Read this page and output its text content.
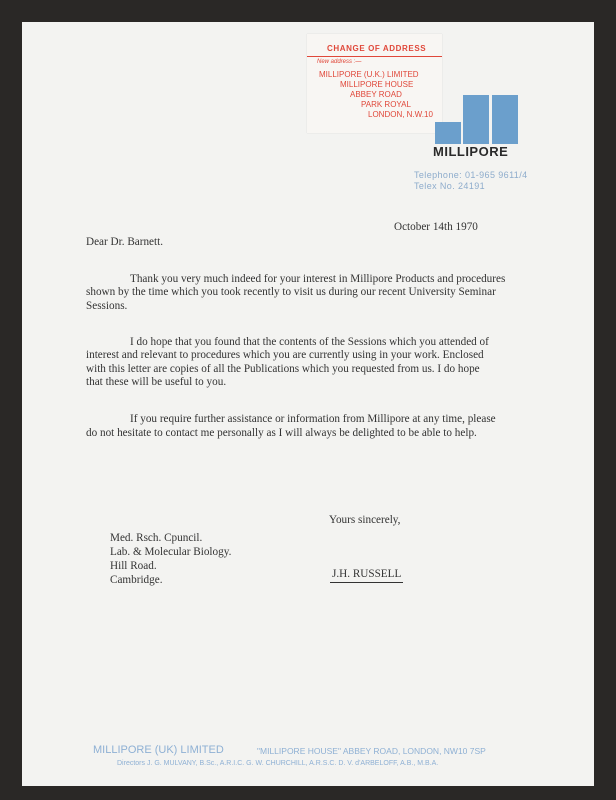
CHANGE OF ADDRESS
New address :—
MILLIPORE (U.K.) LIMITED
MILLIPORE HOUSE
ABBEY ROAD
PARK ROYAL
LONDON, N.W.10
MILLIPORE
Telephone: 01-965 9611/4
Telex No. 24191
October 14th 1970
Dear Dr. Barnett.
Thank you very much indeed for your interest in Millipore Products and procedures
shown by the time which you took recently to visit us during our recent University Seminar
Sessions.
I do hope that you found that the contents of the Sessions which you attended of
interest and relevant to procedures which you are currently using in your work. Enclosed
with this letter are copies of all the Publications which you requested from us. I do hope
that these will be useful to you.
If you require further assistance or information from Millipore at any time, please
do not hesitate to contact me personally as I will always be delighted to be able to help.
Yours sincerely,
Med. Rsch. Cpuncil.
Lab. & Molecular Biology.
Hill Road.
Cambridge.	J.H. RUSSELL
MILLIPORE (UK) LIMITED	"MILLIPORE HOUSE" ABBEY ROAD, LONDON, NW10 7SP
Directors J. G. MULVANY, B.Sc., A.R.I.C. G. W. CHURCHILL, A.R.S.C. D. V. d'ARBELOFF, A.B., M.B.A.
